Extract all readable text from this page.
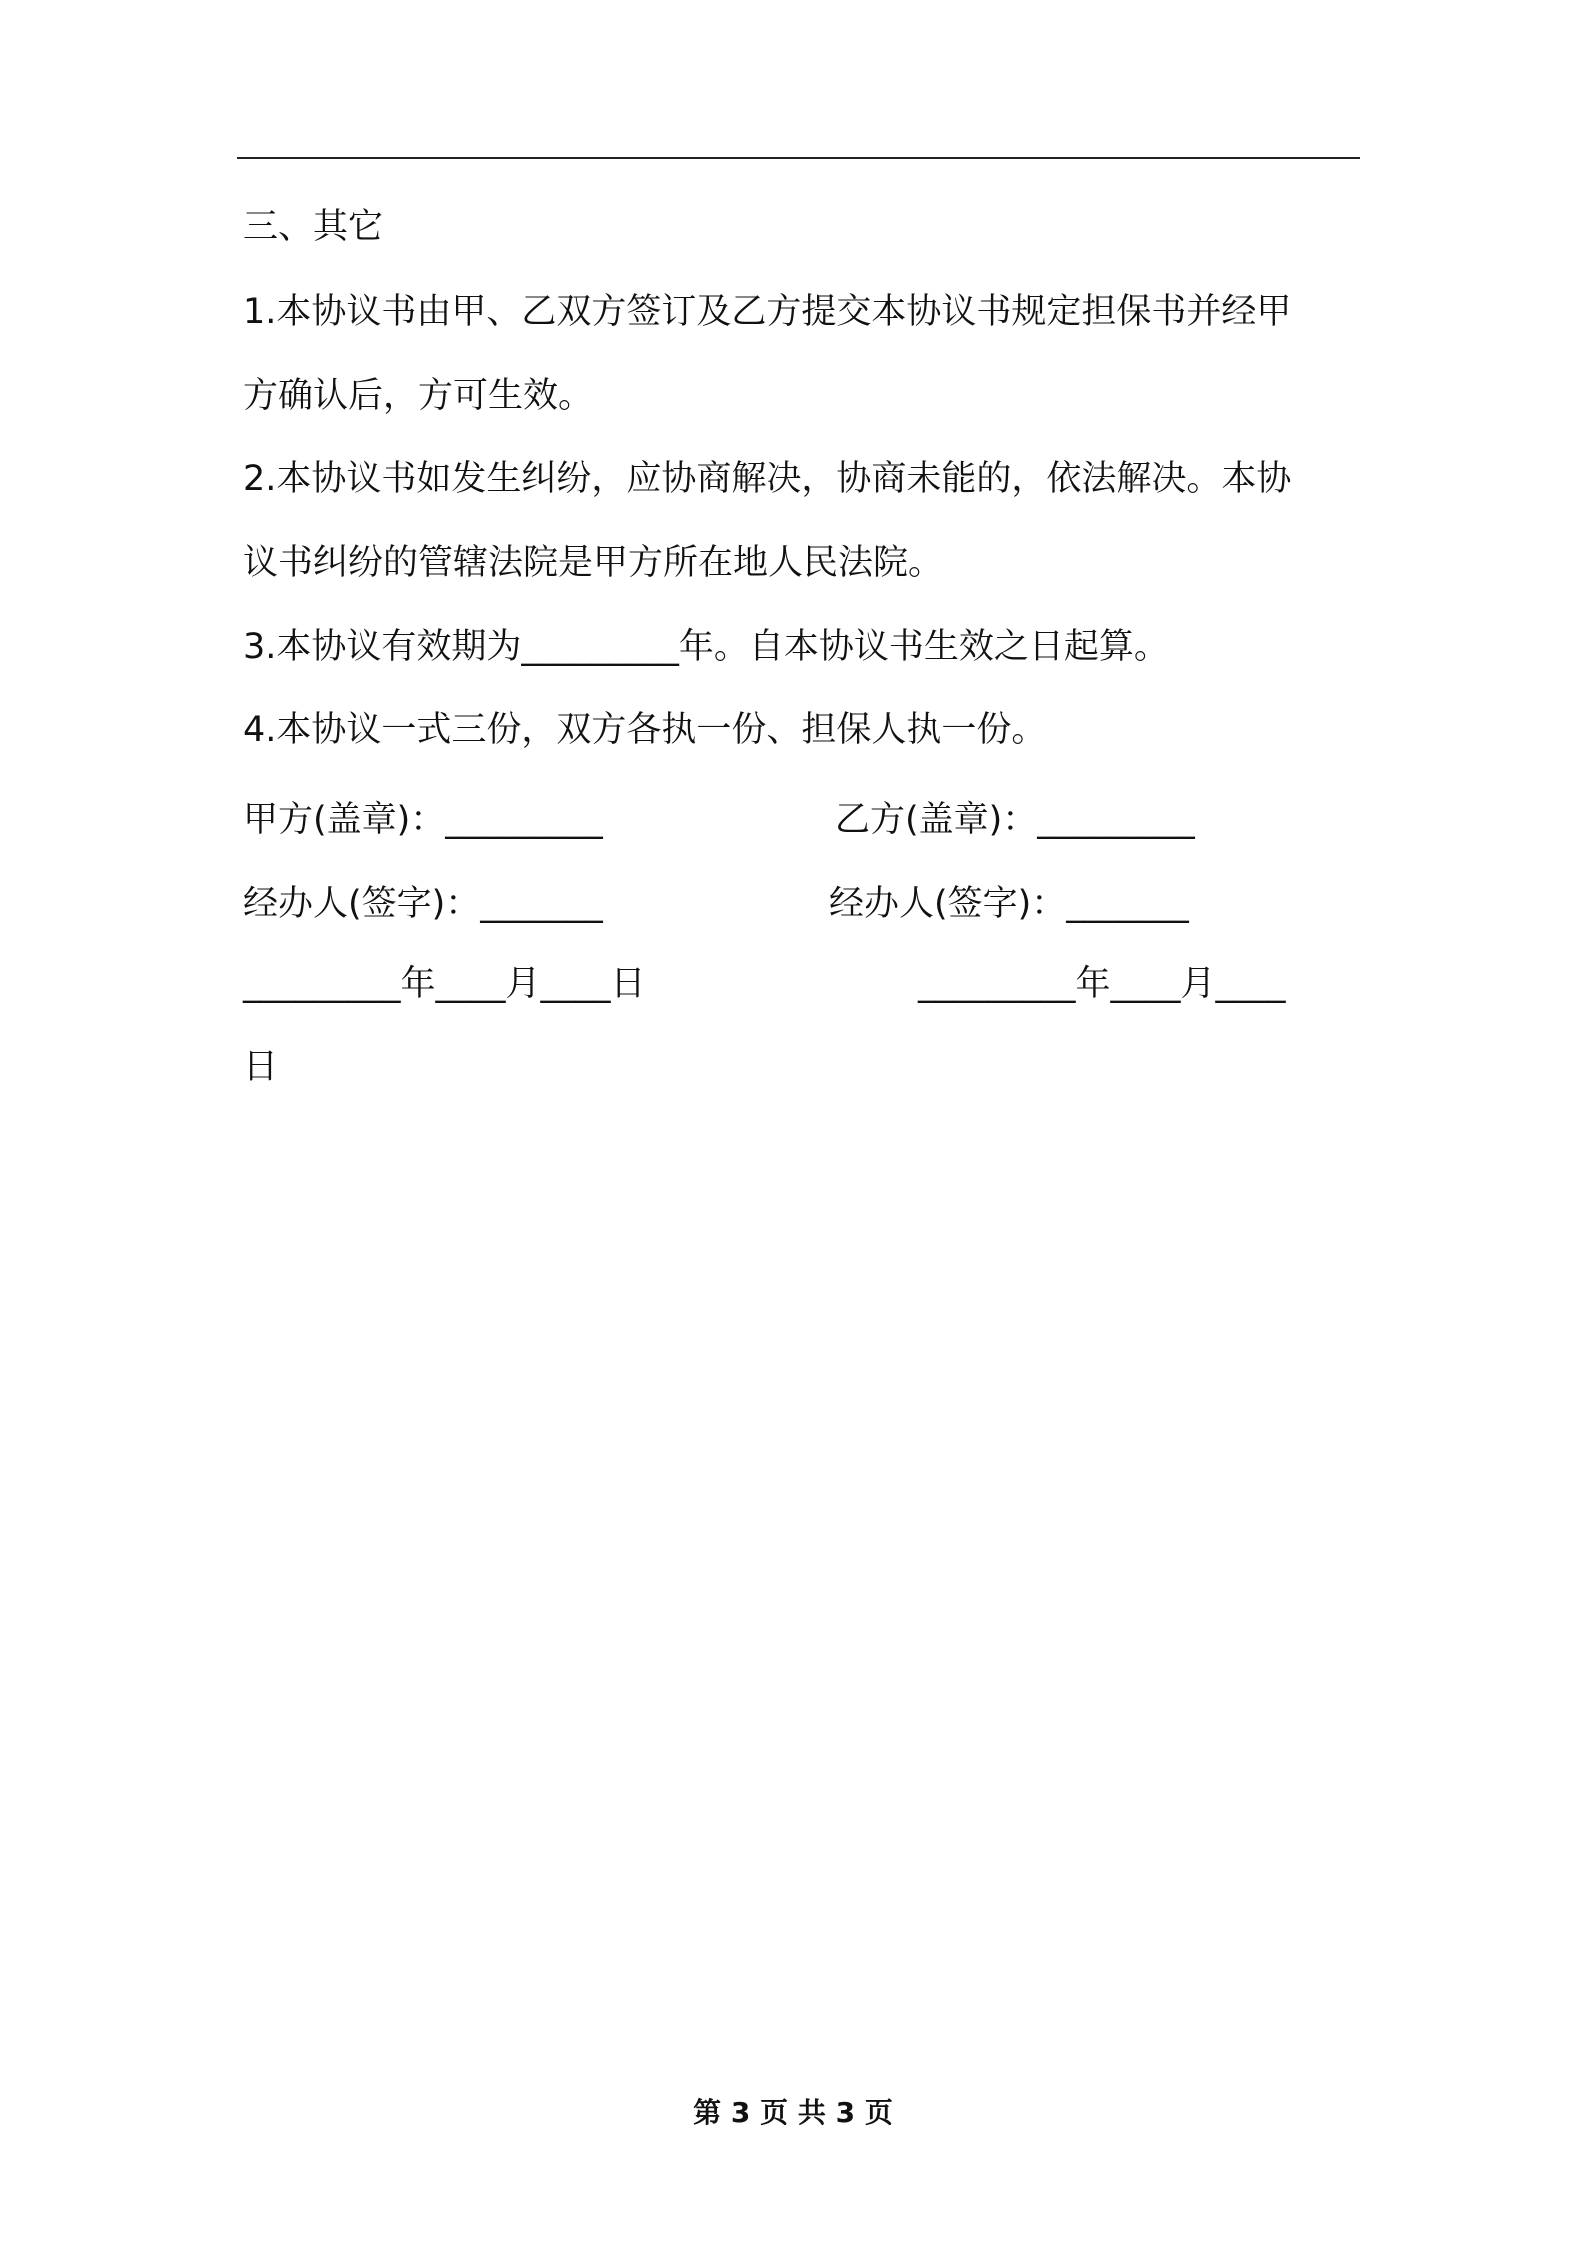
三、其它
1.本协议书由甲、乙双方签订及乙方提交本协议书规定担保书并经甲
方确认后，方可生效。
2.本协议书如发生纠纷，应协商解决，协商未能的，依法解决。本协
议书纠纷的管辖法院是甲方所在地人民法院。
3.本协议有效期为_________年。自本协议书生效之日起算。
4.本协议一式三份，双方各执一份、担保人执一份。
甲方(盖章)：_________	乙方(盖章)：_________
经办人(签字)：_______	经办人(签字)：_______
_________年____月____日	_________年____月____
日
第 3 页 共 3 页
